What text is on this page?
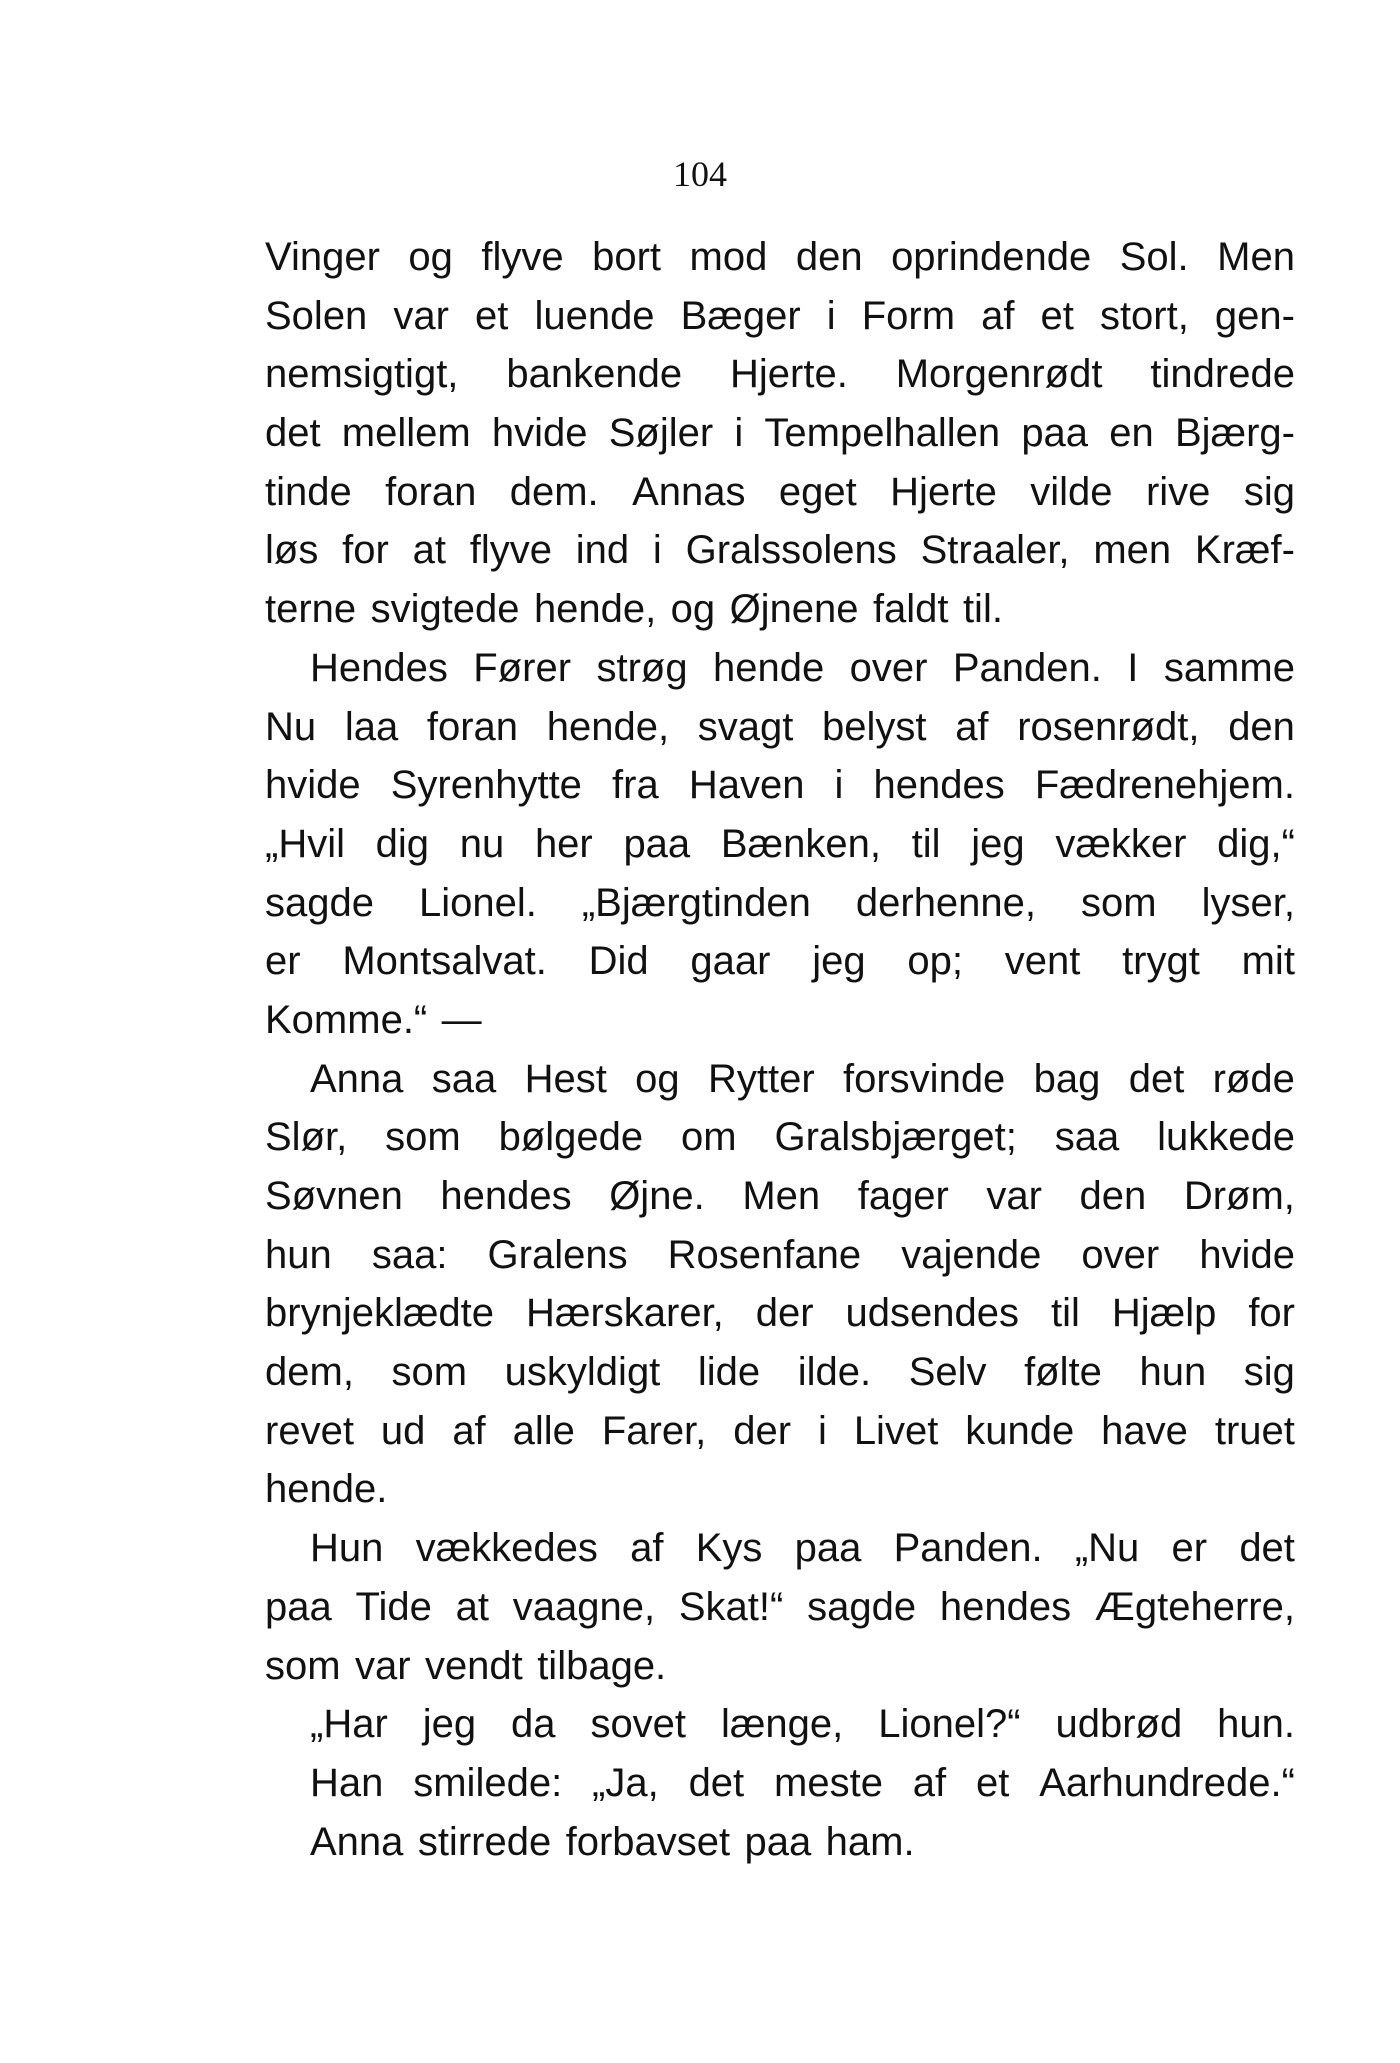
104
Vinger og flyve bort mod den oprindende Sol. Men
Solen var et luende Bæger i Form af et stort, gen-
nemsigtigt, bankende Hjerte. Morgenrødt tindrede
det mellem hvide Søjler i Tempelhallen paa en Bjærg-
tinde foran dem. Annas eget Hjerte vilde rive sig
løs for at flyve ind i Gralssolens Straaler, men Kræf-
terne svigtede hende, og Øjnene faldt til.
Hendes Fører strøg hende over Panden. I samme
Nu laa foran hende, svagt belyst af rosenrødt, den
hvide Syrenhytte fra Haven i hendes Fædrenehjem.
„Hvil dig nu her paa Bænken, til jeg vækker dig,“
sagde Lionel. „Bjærgtinden derhenne, som lyser,
er Montsalvat. Did gaar jeg op; vent trygt mit
Komme.“ —
Anna saa Hest og Rytter forsvinde bag det røde
Slør, som bølgede om Gralsbjærget; saa lukkede
Søvnen hendes Øjne. Men fager var den Drøm,
hun saa: Gralens Rosenfane vajende over hvide
brynjeklædte Hærskarer, der udsendes til Hjælp for
dem, som uskyldigt lide ilde. Selv følte hun sig
revet ud af alle Farer, der i Livet kunde have truet
hende.
Hun vækkedes af Kys paa Panden. „Nu er det
paa Tide at vaagne, Skat!“ sagde hendes Ægteherre,
som var vendt tilbage.
„Har jeg da sovet længe, Lionel?“ udbrød hun.
Han smilede: „Ja, det meste af et Aarhundrede.“
Anna stirrede forbavset paa ham.
